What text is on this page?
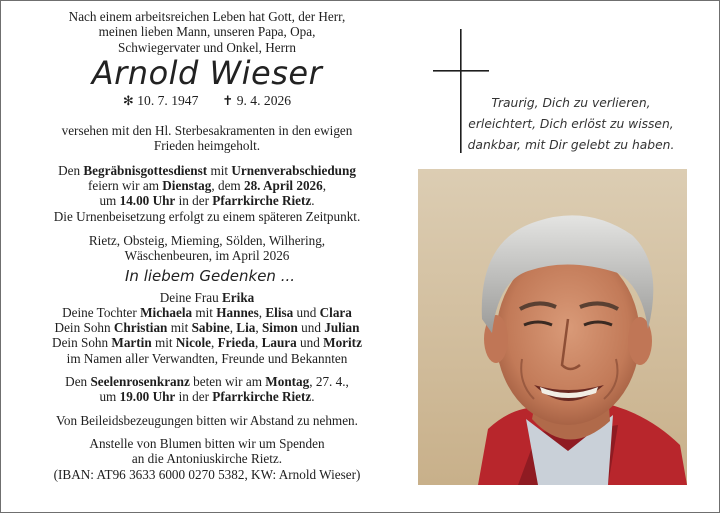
Nach einem arbeitsreichen Leben hat Gott, der Herr,

meinen lieben Mann, unseren Papa, Opa,

Schwiegervater und Onkel, Herrn

Arnold Wieser

✻ 10. 7. 1947 ✝ 9. 4. 2026

versehen mit den Hl. Sterbesakramenten in den ewigen

Frieden heimgeholt.

Den Begräbnisgottesdienst mit Urnenverabschiedung

feiern wir am Dienstag, dem 28. April 2026,

um 14.00 Uhr in der Pfarrkirche Rietz.

Die Urnenbeisetzung erfolgt zu einem späteren Zeitpunkt.

Rietz, Obsteig, Mieming, Sölden, Wilhering,

Wäschenbeuren, im April 2026

In liebem Gedenken ...

Deine Frau Erika

Deine Tochter Michaela mit Hannes, Elisa und Clara

Dein Sohn Christian mit Sabine, Lia, Simon und Julian

Dein Sohn Martin mit Nicole, Frieda, Laura und Moritz

im Namen aller Verwandten, Freunde und Bekannten

Den Seelenrosenkranz beten wir am Montag, 27. 4.,

um 19.00 Uhr in der Pfarrkirche Rietz.

Von Beileidsbezeugungen bitten wir Abstand zu nehmen.

Anstelle von Blumen bitten wir um Spenden

an die Antoniuskirche Rietz.

(IBAN: AT96 3633 6000 0270 5382, KW: Arnold Wieser)

Traurig, Dich zu verlieren,

erleichtert, Dich erlöst zu wissen,

dankbar, mit Dir gelebt zu haben.
